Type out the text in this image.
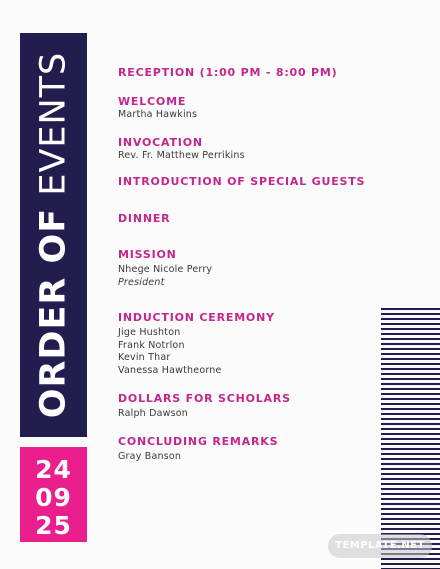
ORDER OF EVENTS
24
09
25
RECEPTION (1:00 PM - 8:00 PM)
WELCOME
Martha Hawkins
INVOCATION
Rev. Fr. Matthew Perrikins
INTRODUCTION OF SPECIAL GUESTS
DINNER
MISSION
Nhege Nicole Perry
President
INDUCTION CEREMONY
Jige Hushton
Frank Notrlon
Kevin Thar
Vanessa Hawtheorne
DOLLARS FOR SCHOLARS
Ralph Dawson
CONCLUDING REMARKS
Gray Banson
TEMPLATE.NET
